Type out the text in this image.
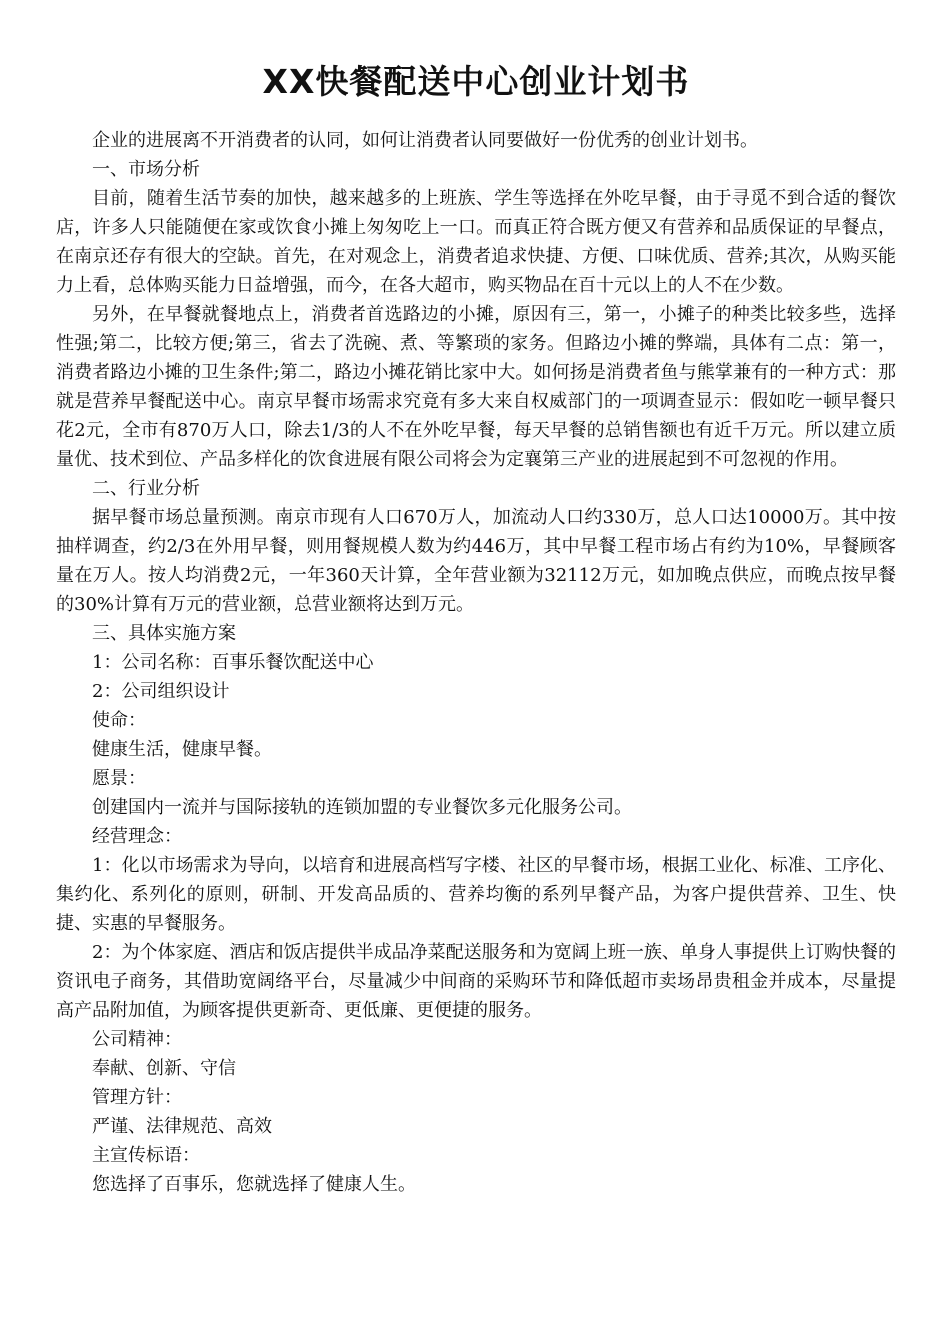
XX快餐配送中心创业计划书

企业的进展离不开消费者的认同，如何让消费者认同要做好一份优秀的创业计划书。

一、市场分析

目前，随着生活节奏的加快，越来越多的上班族、学生等选择在外吃早餐，由于寻觅不到合适的餐饮店，许多人只能随便在家或饮食小摊上匆匆吃上一口。而真正符合既方便又有营养和品质保证的早餐点，在南京还存有很大的空缺。首先，在对观念上，消费者追求快捷、方便、口味优质、营养;其次，从购买能力上看，总体购买能力日益增强，而今，在各大超市，购买物品在百十元以上的人不在少数。

另外，在早餐就餐地点上，消费者首选路边的小摊，原因有三，第一，小摊子的种类比较多些，选择性强;第二，比较方便;第三，省去了洗碗、煮、等繁琐的家务。但路边小摊的弊端，具体有二点：第一，消费者路边小摊的卫生条件;第二，路边小摊花销比家中大。如何扬是消费者鱼与熊掌兼有的一种方式：那就是营养早餐配送中心。南京早餐市场需求究竟有多大来自权威部门的一项调查显示：假如吃一顿早餐只花2元，全市有870万人口，除去1/3的人不在外吃早餐，每天早餐的总销售额也有近千万元。所以建立质量优、技术到位、产品多样化的饮食进展有限公司将会为定襄第三产业的进展起到不可忽视的作用。

二、行业分析

据早餐市场总量预测。南京市现有人口670万人，加流动人口约330万，总人口达10000万。其中按抽样调查，约2/3在外用早餐，则用餐规模人数为约446万，其中早餐工程市场占有约为10%，早餐顾客量在万人。按人均消费2元，一年360天计算，全年营业额为32112万元，如加晚点供应，而晚点按早餐的30%计算有万元的营业额，总营业额将达到万元。

三、具体实施方案

1：公司名称：百事乐餐饮配送中心

2：公司组织设计

使命：

健康生活，健康早餐。

愿景：

创建国内一流并与国际接轨的连锁加盟的专业餐饮多元化服务公司。

经营理念：

1：化以市场需求为导向，以培育和进展高档写字楼、社区的早餐市场，根据工业化、标准、工序化、集约化、系列化的原则，研制、开发高品质的、营养均衡的系列早餐产品，为客户提供营养、卫生、快捷、实惠的早餐服务。

2：为个体家庭、酒店和饭店提供半成品净菜配送服务和为宽阔上班一族、单身人事提供上订购快餐的资讯电子商务，其借助宽阔络平台，尽量减少中间商的采购环节和降低超市卖场昂贵租金并成本，尽量提高产品附加值，为顾客提供更新奇、更低廉、更便捷的服务。

公司精神：

奉献、创新、守信

管理方针：

严谨、法律规范、高效

主宣传标语：

您选择了百事乐，您就选择了健康人生。
